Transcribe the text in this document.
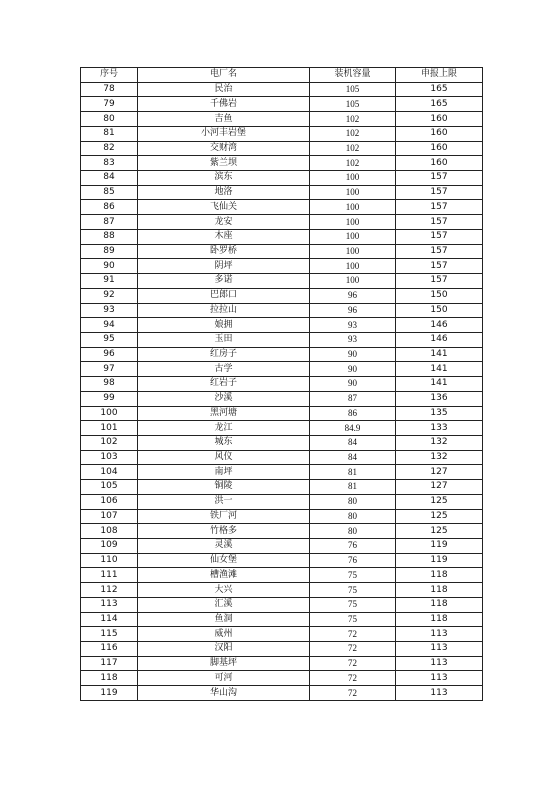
序号	电厂名	装机容量	申报上限
78	民治	105	165
79	千佛岩	105	165
80	吉鱼	102	160
81	小河丰岩堡	102	160
82	交财湾	102	160
83	紫兰坝	102	160
84	滨东	100	157
85	地洛	100	157
86	飞仙关	100	157
87	龙安	100	157
88	木座	100	157
89	卧罗桥	100	157
90	阴坪	100	157
91	多诺	100	157
92	巴郎口	96	150
93	拉拉山	96	150
94	娘拥	93	146
95	玉田	93	146
96	红房子	90	141
97	古学	90	141
98	红岩子	90	141
99	沙溪	87	136
100	黑河塘	86	135
101	龙江	84.9	133
102	城东	84	132
103	风仪	84	132
104	南坪	81	127
105	铜陵	81	127
106	洪一	80	125
107	铁厂河	80	125
108	竹格多	80	125
109	灵溪	76	119
110	仙女堡	76	119
111	槽渔滩	75	118
112	大兴	75	118
113	汇溪	75	118
114	鱼洞	75	118
115	威州	72	113
116	汉阳	72	113
117	脚基坪	72	113
118	可河	72	113
119	华山沟	72	113
